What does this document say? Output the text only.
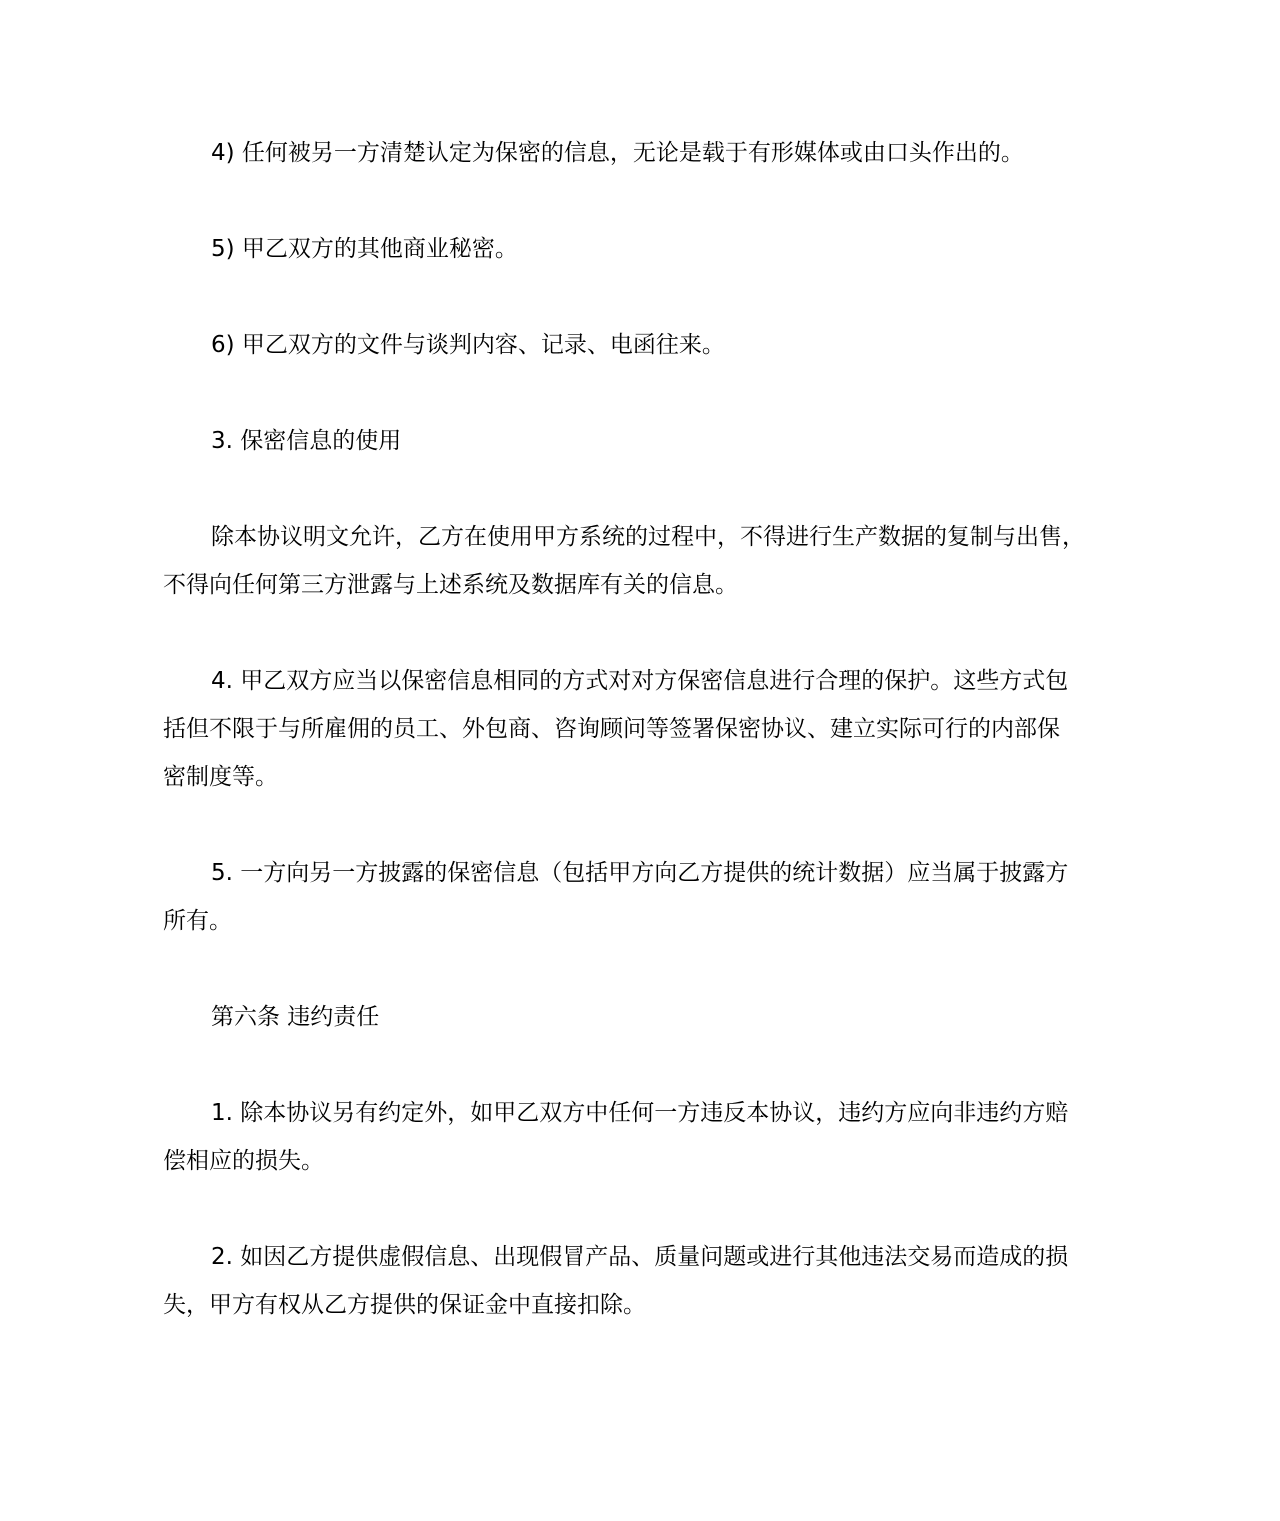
4) 任何被另一方清楚认定为保密的信息，无论是载于有形媒体或由口头作出的。
5) 甲乙双方的其他商业秘密。
6) 甲乙双方的文件与谈判内容、记录、电函往来。
3. 保密信息的使用
除本协议明文允许，乙方在使用甲方系统的过程中，不得进行生产数据的复制与出售，
不得向任何第三方泄露与上述系统及数据库有关的信息。
4. 甲乙双方应当以保密信息相同的方式对对方保密信息进行合理的保护。这些方式包
括但不限于与所雇佣的员工、外包商、咨询顾问等签署保密协议、建立实际可行的内部保
密制度等。
5. 一方向另一方披露的保密信息（包括甲方向乙方提供的统计数据）应当属于披露方
所有。
第六条 违约责任
1. 除本协议另有约定外，如甲乙双方中任何一方违反本协议，违约方应向非违约方赔
偿相应的损失。
2. 如因乙方提供虚假信息、出现假冒产品、质量问题或进行其他违法交易而造成的损
失，甲方有权从乙方提供的保证金中直接扣除。
